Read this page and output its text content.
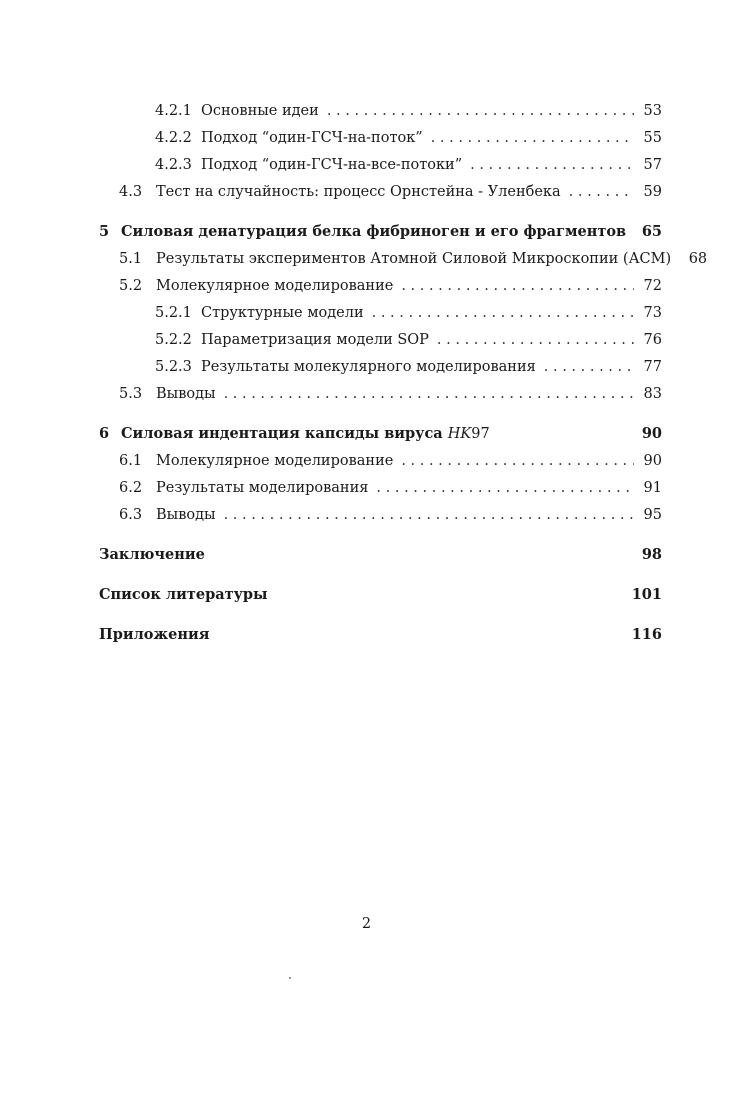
4.2.1 Основные идеи . . .	53
4.2.2 Подход “один-ГСЧ-на-поток” . . .	55
4.2.3 Подход “один-ГСЧ-на-все-потоки” . . .	57
4.3 Тест на случайность: процесс Орнстейна - Уленбека . . .	59
5 Силовая денатурация белка фибриноген и его фрагментов 65
5.1 Результаты экспериментов Атомной Силовой Микроскопии (АСМ) 68
5.2 Молекулярное моделирование . . .	72
5.2.1 Структурные модели . . .	73
5.2.2 Параметризация модели SOP . . .	76
5.2.3 Результаты молекулярного моделирования . . .	77
5.3 Выводы . . .	83
6 Силовая индентация капсиды вируса HK97	90
6.1 Молекулярное моделирование . . .	90
6.2 Результаты моделирования . . .	91
6.3 Выводы . . .	95
Заключение	98
Список литературы	101
Приложения	116
2
